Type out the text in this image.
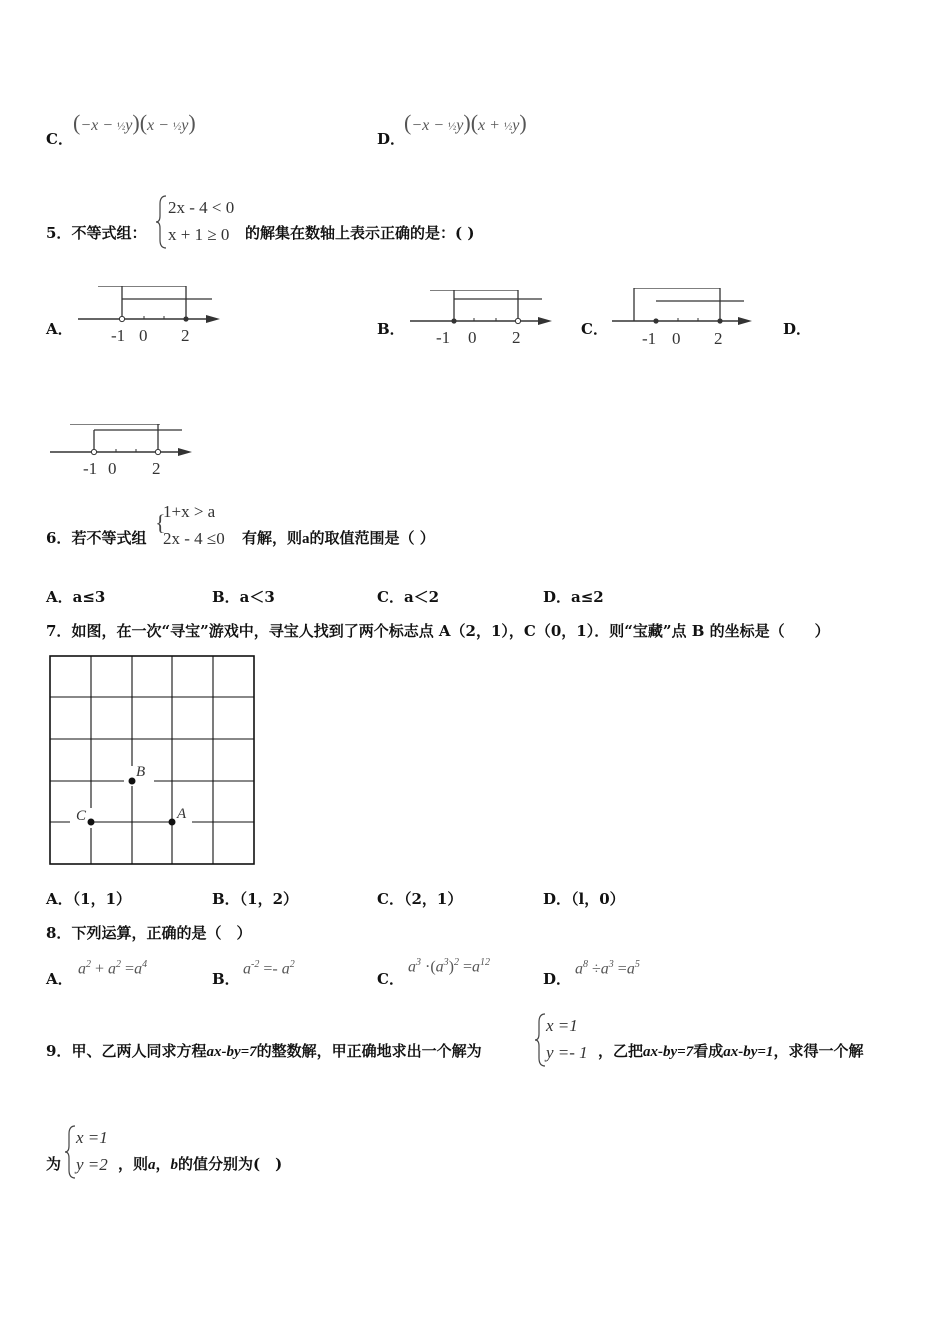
C．
(−x − ½y)(x − ½y)
D．
(−x − ½y)(x + ½y)
5．不等式组：
2x - 4 < 0
x + 1 ≥ 0	的解集在数轴上表示正确的是：( )
A． -1 0 2	B． -1 0 2	C． -1 0 2	D．
-1 0 2
6．若不等式组
{
1+x > a
2x - 4 ≤0 有解，则a的取值范围是（ ）
A．a≤3	B．a＜3	C．a＜2	D．a≤2
7．如图，在一次“寻宝”游戏中，寻宝人找到了两个标志点 A（2，1），C（0，1）．则“宝藏”点 B 的坐标是（　　）
B
C	A
A．（1，1）	B．（1，2）	C．（2，1）	D．（l，0）
8．下列运算，正确的是（　）
A．
$a^2 + a^2 =a^4$
B．
$a^{-2} =- a^2$
C．
$a^3 \cdot(a^3)^2 =a^{12}$
D．
$a^8 \div a^3 =a^5$
9．甲、乙两人同求方程ax-by=7的整数解，甲正确地求出一个解为
x =1
y =- 1 ，乙把ax-by=7看成ax-by=1，求得一个解
为
x =1
y =2 ，则a，b的值分别为(　)
